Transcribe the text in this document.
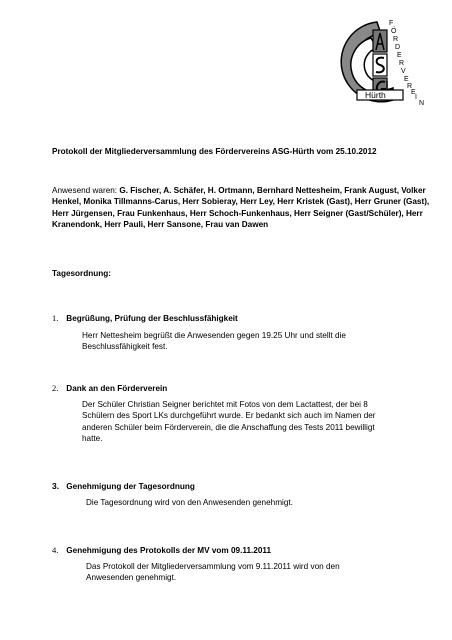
F
Ö
R
D
E
R
V
E
R
E
I
N
Hürth
Protokoll der Mitgliederversammlung des Fördervereins ASG-Hürth vom 25.10.2012
Anwesend waren: G. Fischer, A. Schäfer, H. Ortmann, Bernhard Nettesheim, Frank August, Volker Henkel, Monika Tillmanns-Carus, Herr Sobieray, Herr Ley, Herr Kristek (Gast), Herr Gruner (Gast), Herr Jürgensen, Frau Funkenhaus, Herr Schoch-Funkenhaus, Herr Seigner (Gast/Schüler), Herr Kranendonk, Herr Pauli, Herr Sansone, Frau van Dawen
Tagesordnung:
1. Begrüßung, Prüfung der Beschlussfähigkeit
Herr Nettesheim begrüßt die Anwesenden gegen 19.25 Uhr und stellt die
Beschlussfähigkeit fest.
2. Dank an den Förderverein
Der Schüler Christian Seigner berichtet mit Fotos von dem Lactattest, der bei 8
Schülern des Sport LKs durchgeführt wurde. Er bedankt sich auch im Namen der
anderen Schüler beim Förderverein, die die Anschaffung des Tests 2011 bewilligt
hatte.
3. Genehmigung der Tagesordnung
Die Tagesordnung wird von den Anwesenden genehmigt.
4. Genehmigung des Protokolls der MV vom 09.11.2011
Das Protokoll der Mitgliederversammlung vom 9.11.2011 wird von den
Anwesenden genehmigt.
